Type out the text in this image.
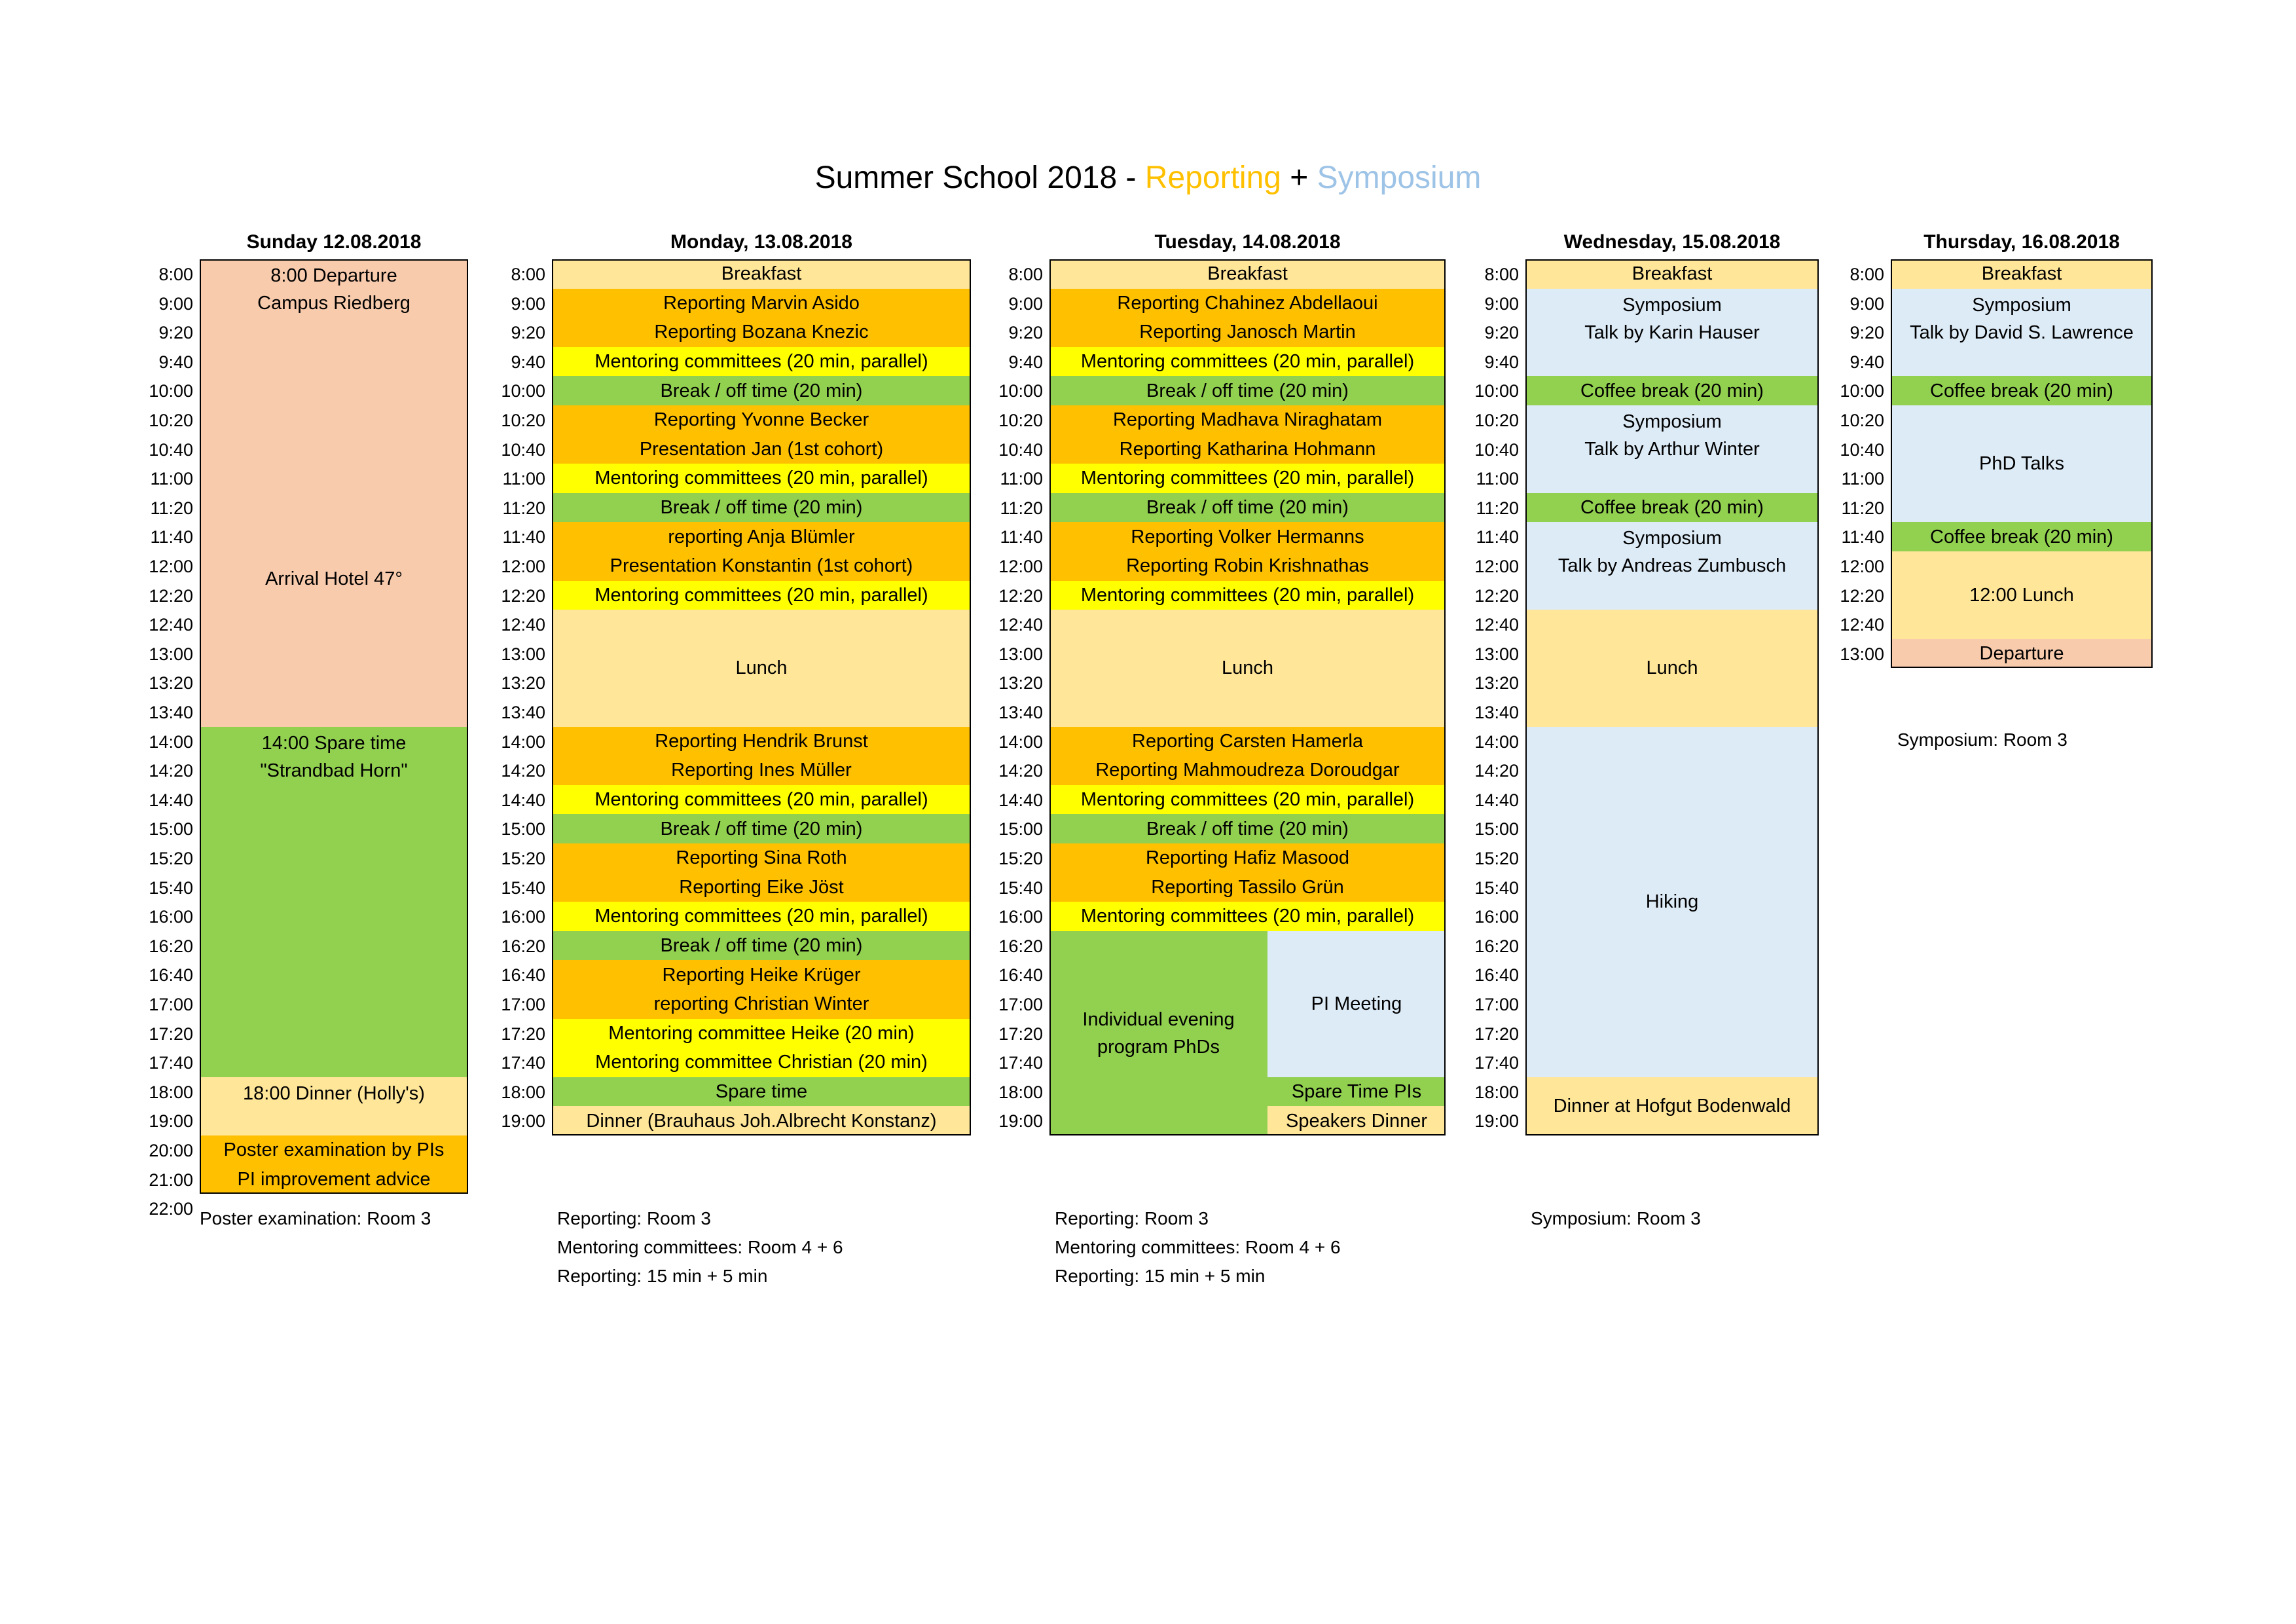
Summer School 2018 - Reporting + Symposium
Sunday 12.08.2018
8:00
9:00
9:20
9:40
10:00
10:20
10:40
11:00
11:20
11:40
12:00
12:20
12:40
13:00
13:20
13:40
14:00
14:20
14:40
15:00
15:20
15:40
16:00
16:20
16:40
17:00
17:20
17:40
18:00
19:00
20:00
21:00
22:00
8:00 Departure
Campus Riedberg
Arrival Hotel 47°
14:00 Spare time
"Strandbad Horn"
18:00 Dinner (Holly's)
Poster examination by PIs
PI improvement advice
Poster examination: Room 3
Monday, 13.08.2018
8:00
9:00
9:20
9:40
10:00
10:20
10:40
11:00
11:20
11:40
12:00
12:20
12:40
13:00
13:20
13:40
14:00
14:20
14:40
15:00
15:20
15:40
16:00
16:20
16:40
17:00
17:20
17:40
18:00
19:00
Breakfast
Reporting Marvin Asido
Reporting Bozana Knezic
Mentoring committees (20 min, parallel)
Break / off time (20 min)
Reporting Yvonne Becker
Presentation Jan (1st cohort)
Mentoring committees (20 min, parallel)
Break / off time (20 min)
reporting Anja Blümler
Presentation Konstantin (1st cohort)
Mentoring committees (20 min, parallel)
Lunch
Reporting Hendrik Brunst
Reporting Ines Müller
Mentoring committees (20 min, parallel)
Break / off time (20 min)
Reporting Sina Roth
Reporting Eike Jöst
Mentoring committees (20 min, parallel)
Break / off time (20 min)
Reporting Heike Krüger
reporting Christian Winter
Mentoring committee Heike (20 min)
Mentoring committee Christian (20 min)
Spare time
Dinner (Brauhaus Joh.Albrecht Konstanz)
Reporting: Room 3
Mentoring committees: Room 4 + 6
Reporting: 15 min + 5 min
Tuesday, 14.08.2018
8:00
9:00
9:20
9:40
10:00
10:20
10:40
11:00
11:20
11:40
12:00
12:20
12:40
13:00
13:20
13:40
14:00
14:20
14:40
15:00
15:20
15:40
16:00
16:20
16:40
17:00
17:20
17:40
18:00
19:00
Breakfast
Reporting Chahinez Abdellaoui
Reporting Janosch Martin
Mentoring committees (20 min, parallel)
Break / off time (20 min)
Reporting Madhava Niraghatam
Reporting Katharina Hohmann
Mentoring committees (20 min, parallel)
Break / off time (20 min)
Reporting Volker Hermanns
Reporting Robin Krishnathas
Mentoring committees (20 min, parallel)
Lunch
Reporting Carsten Hamerla
Reporting Mahmoudreza Doroudgar
Mentoring committees (20 min, parallel)
Break / off time (20 min)
Reporting Hafiz Masood
Reporting Tassilo Grün
Mentoring committees (20 min, parallel)
Individual evening
program PhDs
PI Meeting
Spare Time PIs
Speakers Dinner
Reporting: Room 3
Mentoring committees: Room 4 + 6
Reporting: 15 min + 5 min
Wednesday, 15.08.2018
8:00
9:00
9:20
9:40
10:00
10:20
10:40
11:00
11:20
11:40
12:00
12:20
12:40
13:00
13:20
13:40
14:00
14:20
14:40
15:00
15:20
15:40
16:00
16:20
16:40
17:00
17:20
17:40
18:00
19:00
Breakfast
Symposium
Talk by Karin Hauser
Coffee break (20 min)
Symposium
Talk by Arthur Winter
Coffee break (20 min)
Symposium
Talk by Andreas Zumbusch
Lunch
Hiking
Dinner at Hofgut Bodenwald
Symposium: Room 3
Thursday, 16.08.2018
8:00
9:00
9:20
9:40
10:00
10:20
10:40
11:00
11:20
11:40
12:00
12:20
12:40
13:00
Breakfast
Symposium
Talk by David S. Lawrence
Coffee break (20 min)
PhD Talks
Coffee break (20 min)
12:00 Lunch
Departure
Symposium: Room 3
